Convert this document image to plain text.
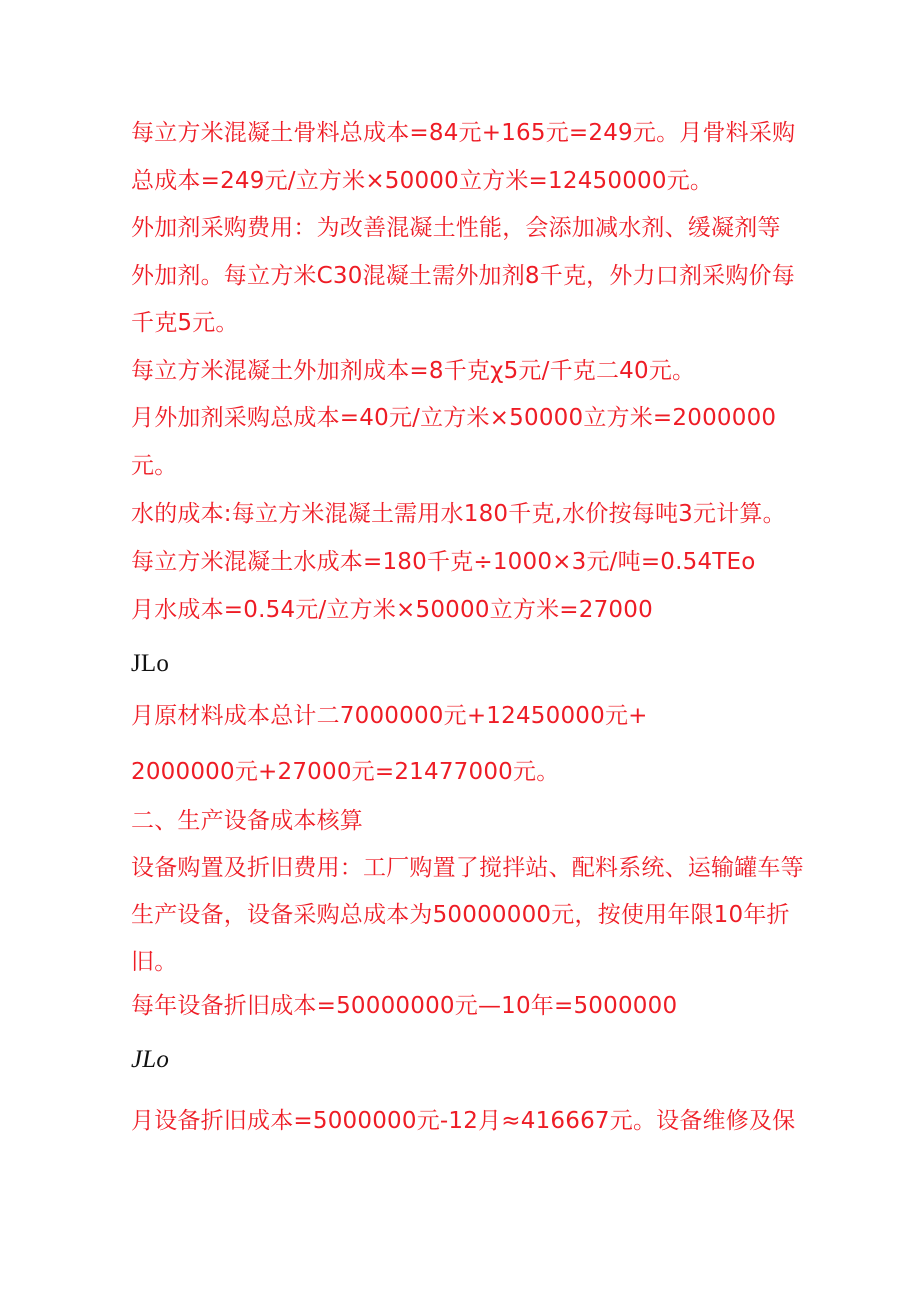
每立方米混凝土骨料总成本=84元+165元=249元。月骨料采购
总成本=249元/立方米×50000立方米=12450000元。
外加剂采购费用：为改善混凝土性能，会添加减水剂、缓凝剂等
外加剂。每立方米C30混凝土需外加剂8千克，外力口剂采购价每
千克5元。
每立方米混凝土外加剂成本=8千克χ5元/千克二40元。
月外加剂采购总成本=40元/立方米×50000立方米=2000000
元。
水的成本:每立方米混凝土需用水180千克,水价按每吨3元计算。
每立方米混凝土水成本=180千克÷1000×3元/吨=0.54TEo
月水成本=0.54元/立方米×50000立方米=27000
JLo
月原材料成本总计二7000000元+12450000元+
2000000元+27000元=21477000元。
二、生产设备成本核算
设备购置及折旧费用：工厂购置了搅拌站、配料系统、运输罐车等
生产设备，设备采购总成本为50000000元，按使用年限10年折
旧。
每年设备折旧成本=50000000元—10年=5000000
JLo
月设备折旧成本=5000000元-12月≈416667元。设备维修及保
